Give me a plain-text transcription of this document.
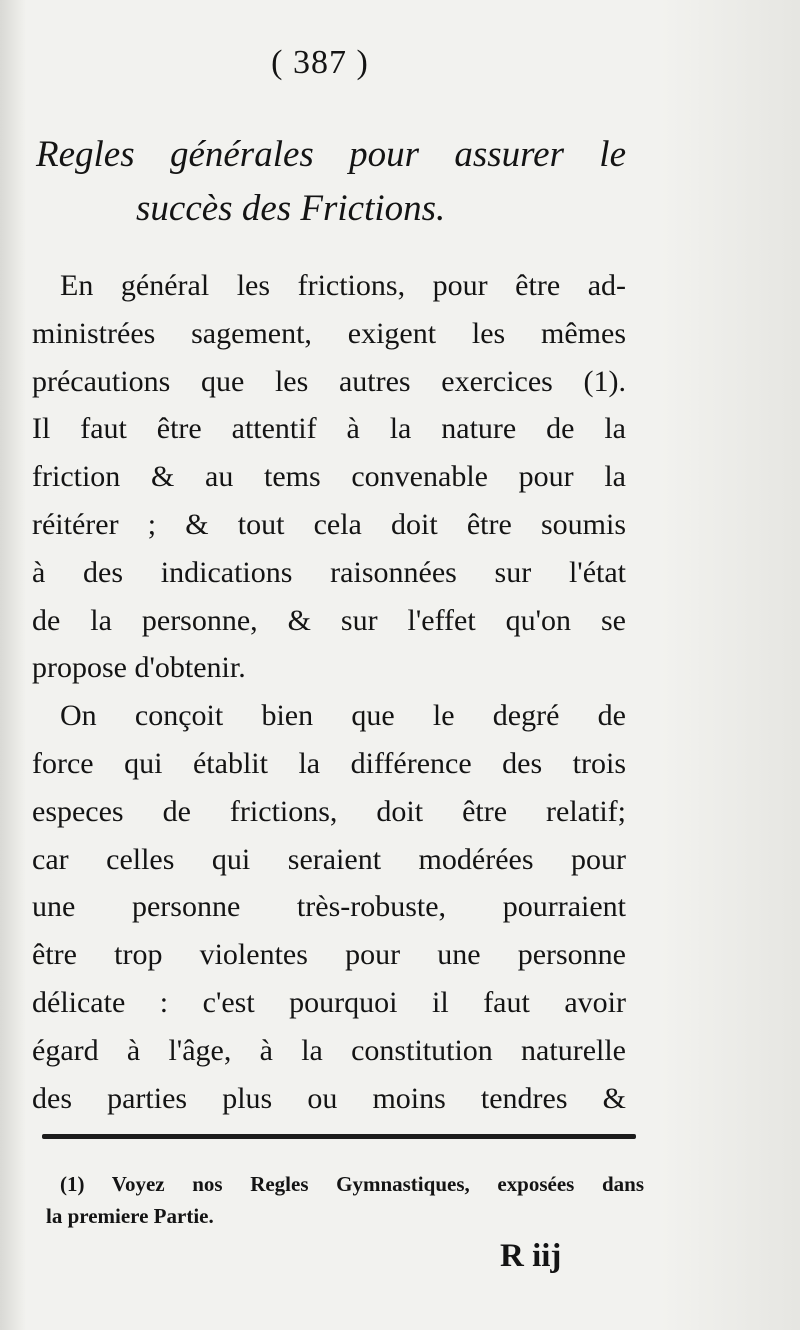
( 387 )
Regles générales pour assurer le
succès des Frictions.
En général les frictions, pour être ad-
ministrées sagement, exigent les mêmes
précautions que les autres exercices (1).
Il faut être attentif à la nature de la
friction & au tems convenable pour la
réitérer ; & tout cela doit être soumis
à des indications raisonnées sur l'état
de la personne, & sur l'effet qu'on se
propose d'obtenir.
On conçoit bien que le degré de
force qui établit la différence des trois
especes de frictions, doit être relatif;
car celles qui seraient modérées pour
une personne très-robuste, pourraient
être trop violentes pour une personne
délicate : c'est pourquoi il faut avoir
égard à l'âge, à la constitution naturelle
des parties plus ou moins tendres &
(1) Voyez nos Regles Gymnastiques, exposées dans
la premiere Partie.
R iij
